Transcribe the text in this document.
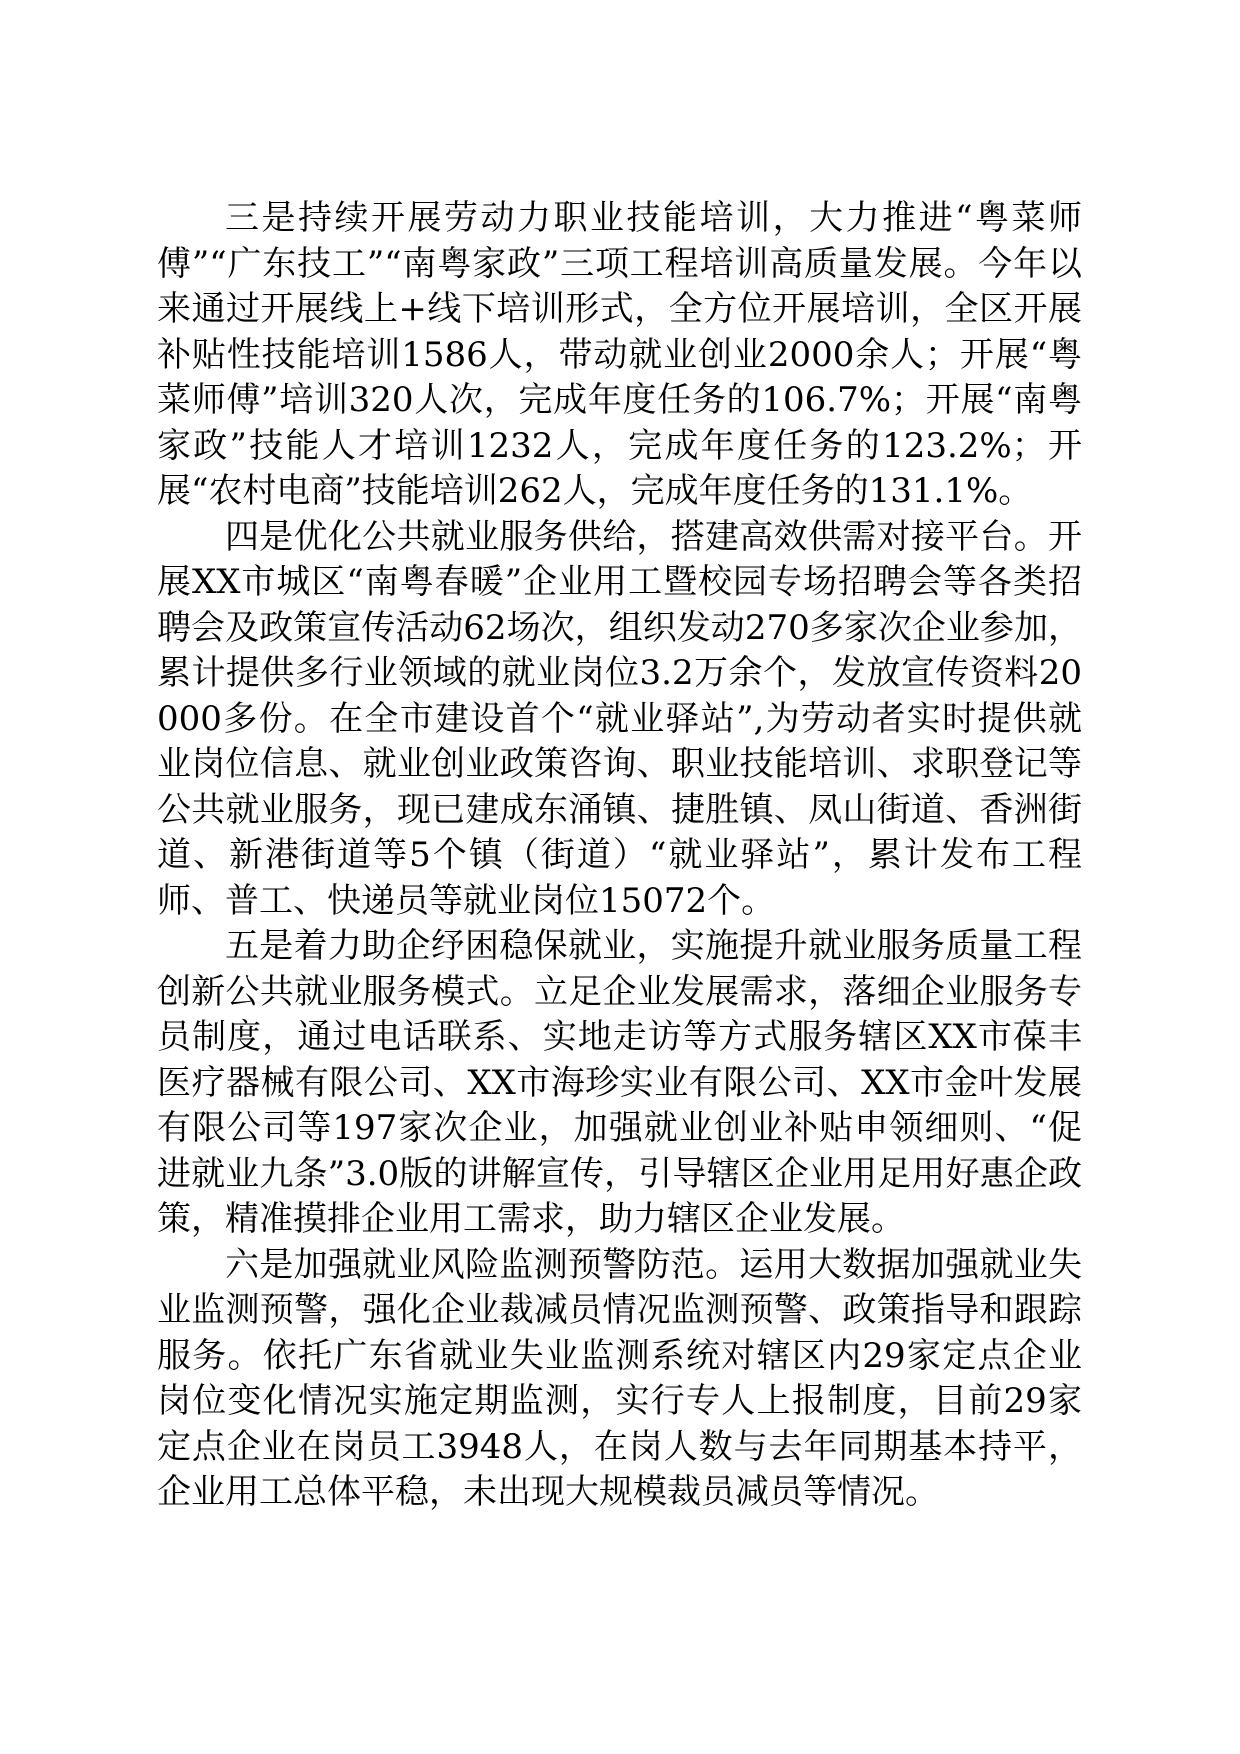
三是持续开展劳动力职业技能培训，大力推进“粤菜师傅”“广东技工”“南粤家政”三项工程培训高质量发展。今年以来通过开展线上+线下培训形式，全方位开展培训，全区开展补贴性技能培训1586人，带动就业创业2000余人；开展“粤菜师傅”培训320人次，完成年度任务的106.7%；开展“南粤家政”技能人才培训1232人，完成年度任务的123.2%；开展“农村电商”技能培训262人，完成年度任务的131.1%。

四是优化公共就业服务供给，搭建高效供需对接平台。开展XX市城区“南粤春暖”企业用工暨校园专场招聘会等各类招聘会及政策宣传活动62场次，组织发动270多家次企业参加，累计提供多行业领域的就业岗位3.2万余个，发放宣传资料20000多份。在全市建设首个“就业驿站”,为劳动者实时提供就业岗位信息、就业创业政策咨询、职业技能培训、求职登记等公共就业服务，现已建成东涌镇、捷胜镇、凤山街道、香洲街道、新港街道等5个镇（街道）“就业驿站”，累计发布工程师、普工、快递员等就业岗位15072个。

五是着力助企纾困稳保就业，实施提升就业服务质量工程创新公共就业服务模式。立足企业发展需求，落细企业服务专员制度，通过电话联系、实地走访等方式服务辖区XX市葆丰医疗器械有限公司、XX市海珍实业有限公司、XX市金叶发展有限公司等197家次企业，加强就业创业补贴申领细则、“促进就业九条”3.0版的讲解宣传，引导辖区企业用足用好惠企政策，精准摸排企业用工需求，助力辖区企业发展。

六是加强就业风险监测预警防范。运用大数据加强就业失业监测预警，强化企业裁减员情况监测预警、政策指导和跟踪服务。依托广东省就业失业监测系统对辖区内29家定点企业岗位变化情况实施定期监测，实行专人上报制度，目前29家定点企业在岗员工3948人，在岗人数与去年同期基本持平，企业用工总体平稳，未出现大规模裁员减员等情况。
